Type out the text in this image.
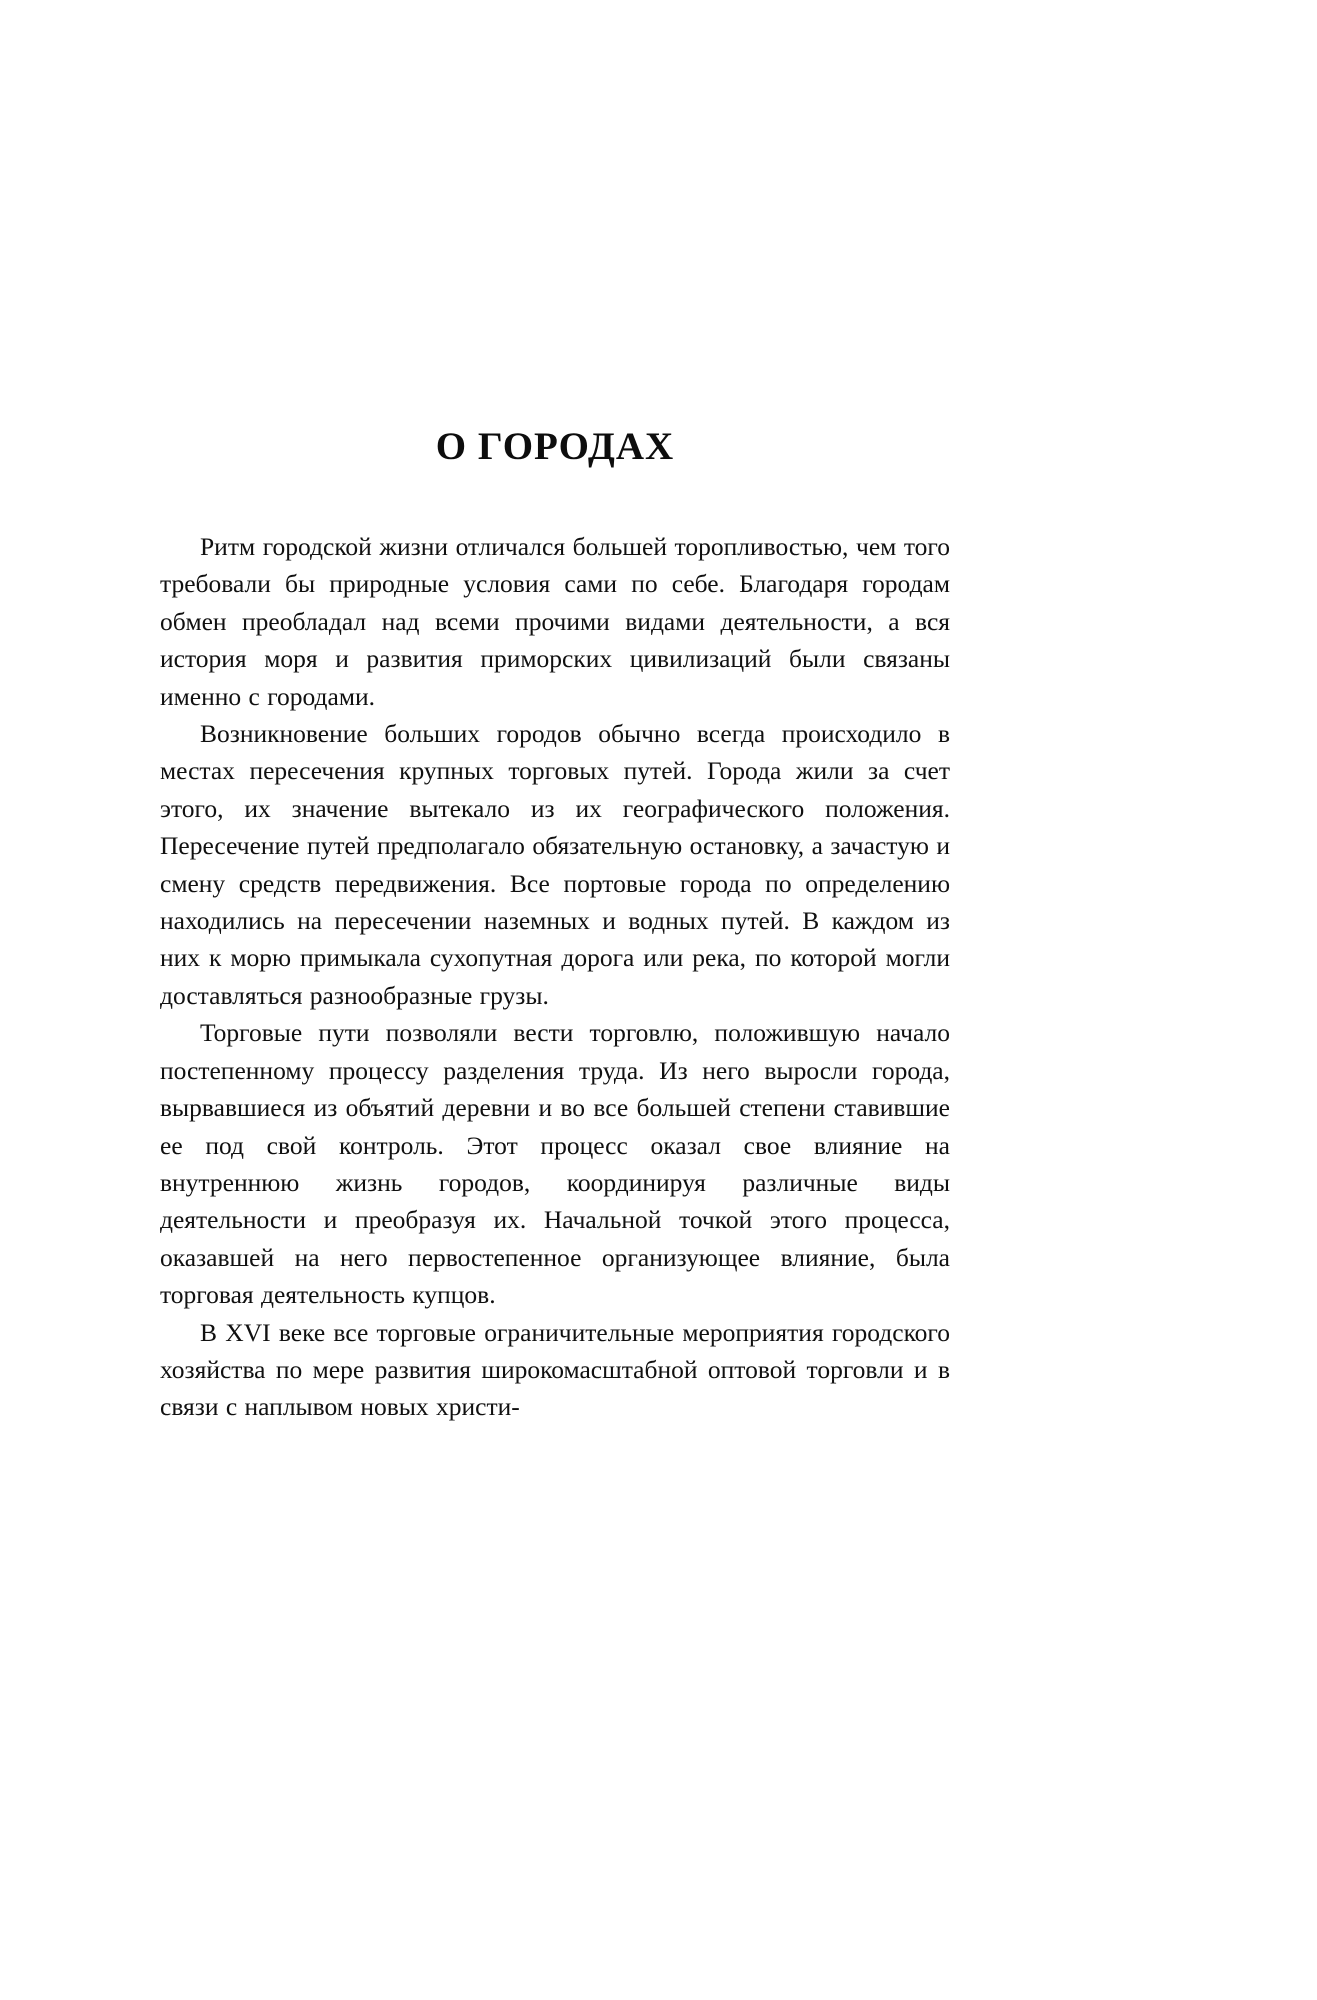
О ГОРОДАХ

Ритм городской жизни отличался большей торопливостью, чем того требовали бы природные условия сами по себе. Благодаря городам обмен преобладал над всеми прочими видами деятельности, а вся история моря и развития приморских цивилизаций были связаны именно с городами.

Возникновение больших городов обычно всегда происходило в местах пересечения крупных торговых путей. Города жили за счет этого, их значение вытекало из их географического положения. Пересечение путей предполагало обязательную остановку, а зачастую и смену средств передвижения. Все портовые города по определению находились на пересечении наземных и водных путей. В каждом из них к морю примыкала сухопутная дорога или река, по которой могли доставляться разнообразные грузы.

Торговые пути позволяли вести торговлю, положившую начало постепенному процессу разделения труда. Из него выросли города, вырвавшиеся из объятий деревни и во все большей степени ставившие ее под свой контроль. Этот процесс оказал свое влияние на внутреннюю жизнь городов, координируя различные виды деятельности и преобразуя их. Начальной точкой этого процесса, оказавшей на него первостепенное организующее влияние, была торговая деятельность купцов.

В XVI веке все торговые ограничительные мероприятия городского хозяйства по мере развития широкомасштабной оптовой торговли и в связи с наплывом новых христи-
